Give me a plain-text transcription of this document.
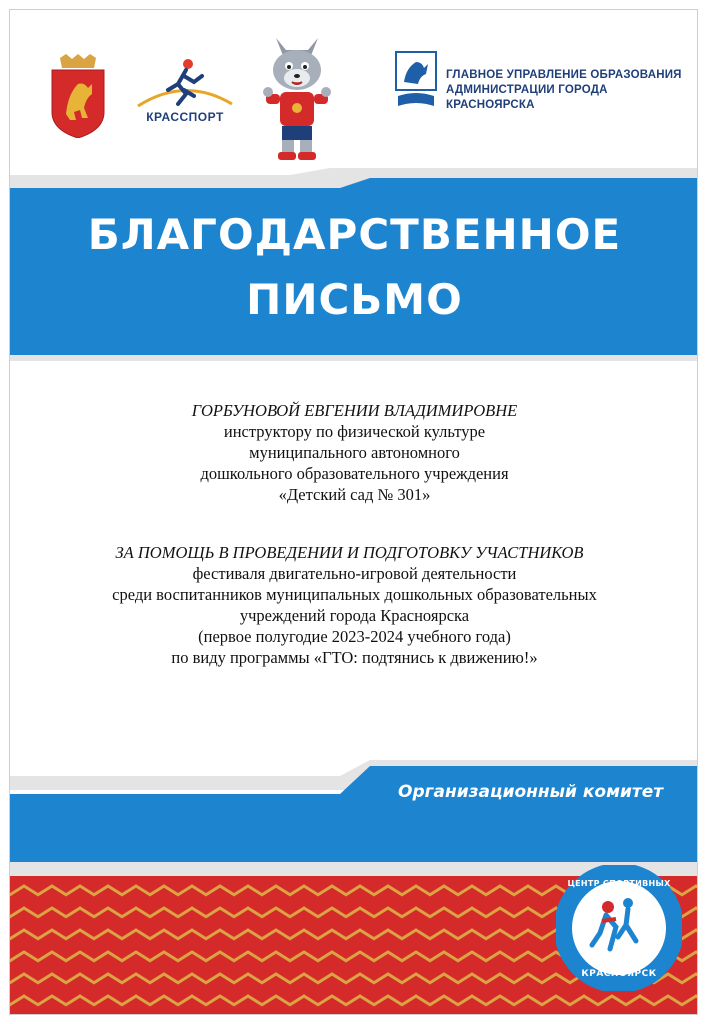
КРАССПОРТ
ГЛАВНОЕ УПРАВЛЕНИЕ ОБРАЗОВАНИЯ
АДМИНИСТРАЦИИ ГОРОДА КРАСНОЯРСКА
БЛАГОДАРСТВЕННОЕ
ПИСЬМО
ГОРБУНОВОЙ ЕВГЕНИИ ВЛАДИМИРОВНЕ
инструктору по физической культуре
муниципального автономного
дошкольного образовательного учреждения
«Детский сад № 301»
ЗА ПОМОЩЬ В ПРОВЕДЕНИИ И ПОДГОТОВКУ УЧАСТНИКОВ
фестиваля двигательно-игровой деятельности
среди воспитанников муниципальных дошкольных образовательных
учреждений города Красноярска
(первое полугодие 2023-2024 учебного года)
по виду программы «ГТО: подтянись к движению!»
Организационный комитет
ЦЕНТР СПОРТИВНЫХ КЛУБОВ
КРАСНОЯРСК
